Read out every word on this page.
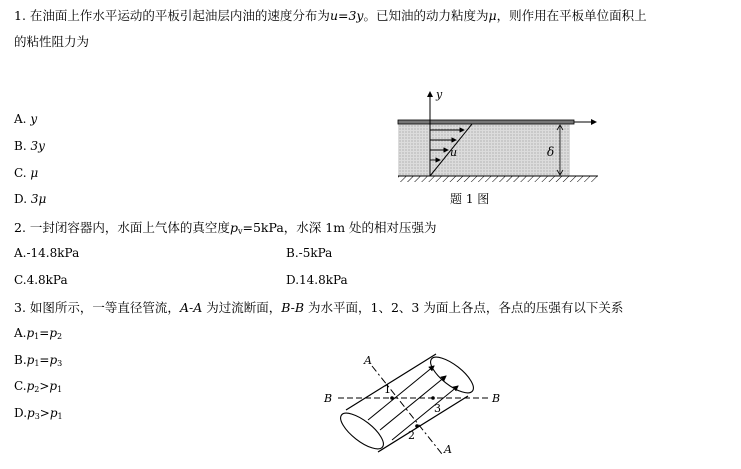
1. 在油面上作水平运动的平板引起油层内油的速度分布为u=3y。已知油的动力粘度为μ，则作用在平板单位面积上
的粘性阻力为
A. y
B. 3y
C. μ
D. 3μ
y
u	δ
题 1 图
2. 一封闭容器内，水面上气体的真空度$p_v=5kPa$，水深 1m 处的相对压强为
A.-14.8kPa	B.-5kPa
C.4.8kPa	D.14.8kPa
3. 如图所示，一等直径管流，A-A 为过流断面，B-B 为水平面，1、2、3 为面上各点，各点的压强有以下关系
$A.p_1=p_2$
$B.p_1=p_3$
$C.p_2>p_1$
$D.p_3>p_1$
A
A
B	B
1
2
3
